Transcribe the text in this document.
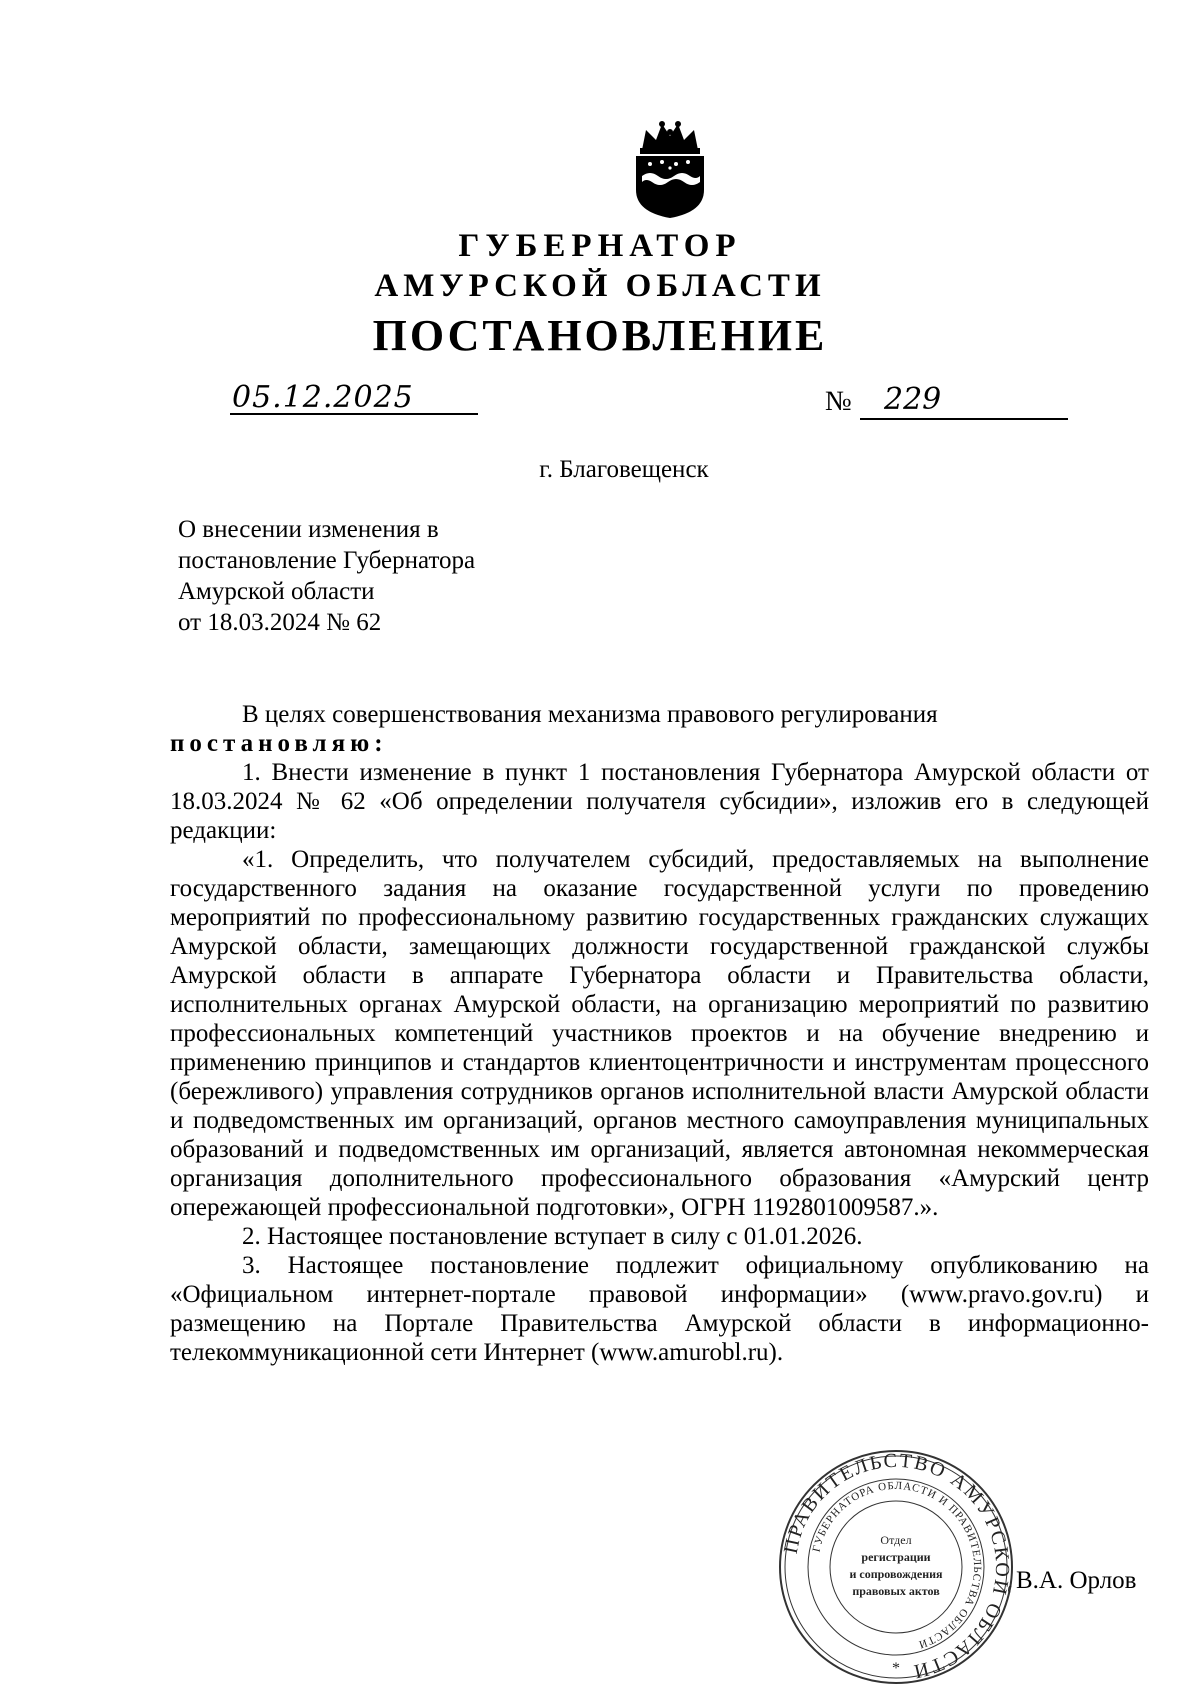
ГУБЕРНАТОР
АМУРСКОЙ ОБЛАСТИ
ПОСТАНОВЛЕНИЕ
05.12.2025	№ 229
г. Благовещенск
О внесении изменения в
постановление Губернатора
Амурской области
от 18.03.2024 № 62

В целях совершенствования механизма правового регулирования

постановляю:

1. Внести изменение в пункт 1 постановления Губернатора Амурской области от 18.03.2024 № 62 «Об определении получателя субсидии», изложив его в следующей редакции:

«1. Определить, что получателем субсидий, предоставляемых на выполнение государственного задания на оказание государственной услуги по проведению мероприятий по профессиональному развитию государственных гражданских служащих Амурской области, замещающих должности государственной гражданской службы Амурской области в аппарате Губернатора области и Правительства области, исполнительных органах Амурской области, на организацию мероприятий по развитию профессиональных компетенций участников проектов и на обучение внедрению и применению принципов и стандартов клиентоцентричности и инструментам процессного (бережливого) управления сотрудников органов исполнительной власти Амурской области и подведомственных им организаций, органов местного самоуправления муниципальных образований и подведомственных им организаций, является автономная некоммерческая организация дополнительного профессионального образования «Амурский центр опережающей профессиональной подготовки», ОГРН 1192801009587.».

2. Настоящее постановление вступает в силу с 01.01.2026.

3. Настоящее постановление подлежит официальному опубликованию на «Официальном интернет-портале правовой информации» (www.pravo.gov.ru) и размещению на Портале Правительства Амурской области в информационно-телекоммуникационной сети Интернет (www.amurobl.ru).

ПРАВИТЕЛЬСТВО АМУРСКОЙ ОБЛАСТИ
ГУБЕРНАТОРА ОБЛАСТИ И ПРАВИТЕЛЬСТВА ОБЛАСТИ
Отдел
регистрации
и сопровождения
правовых актов
*
В.А. Орлов
